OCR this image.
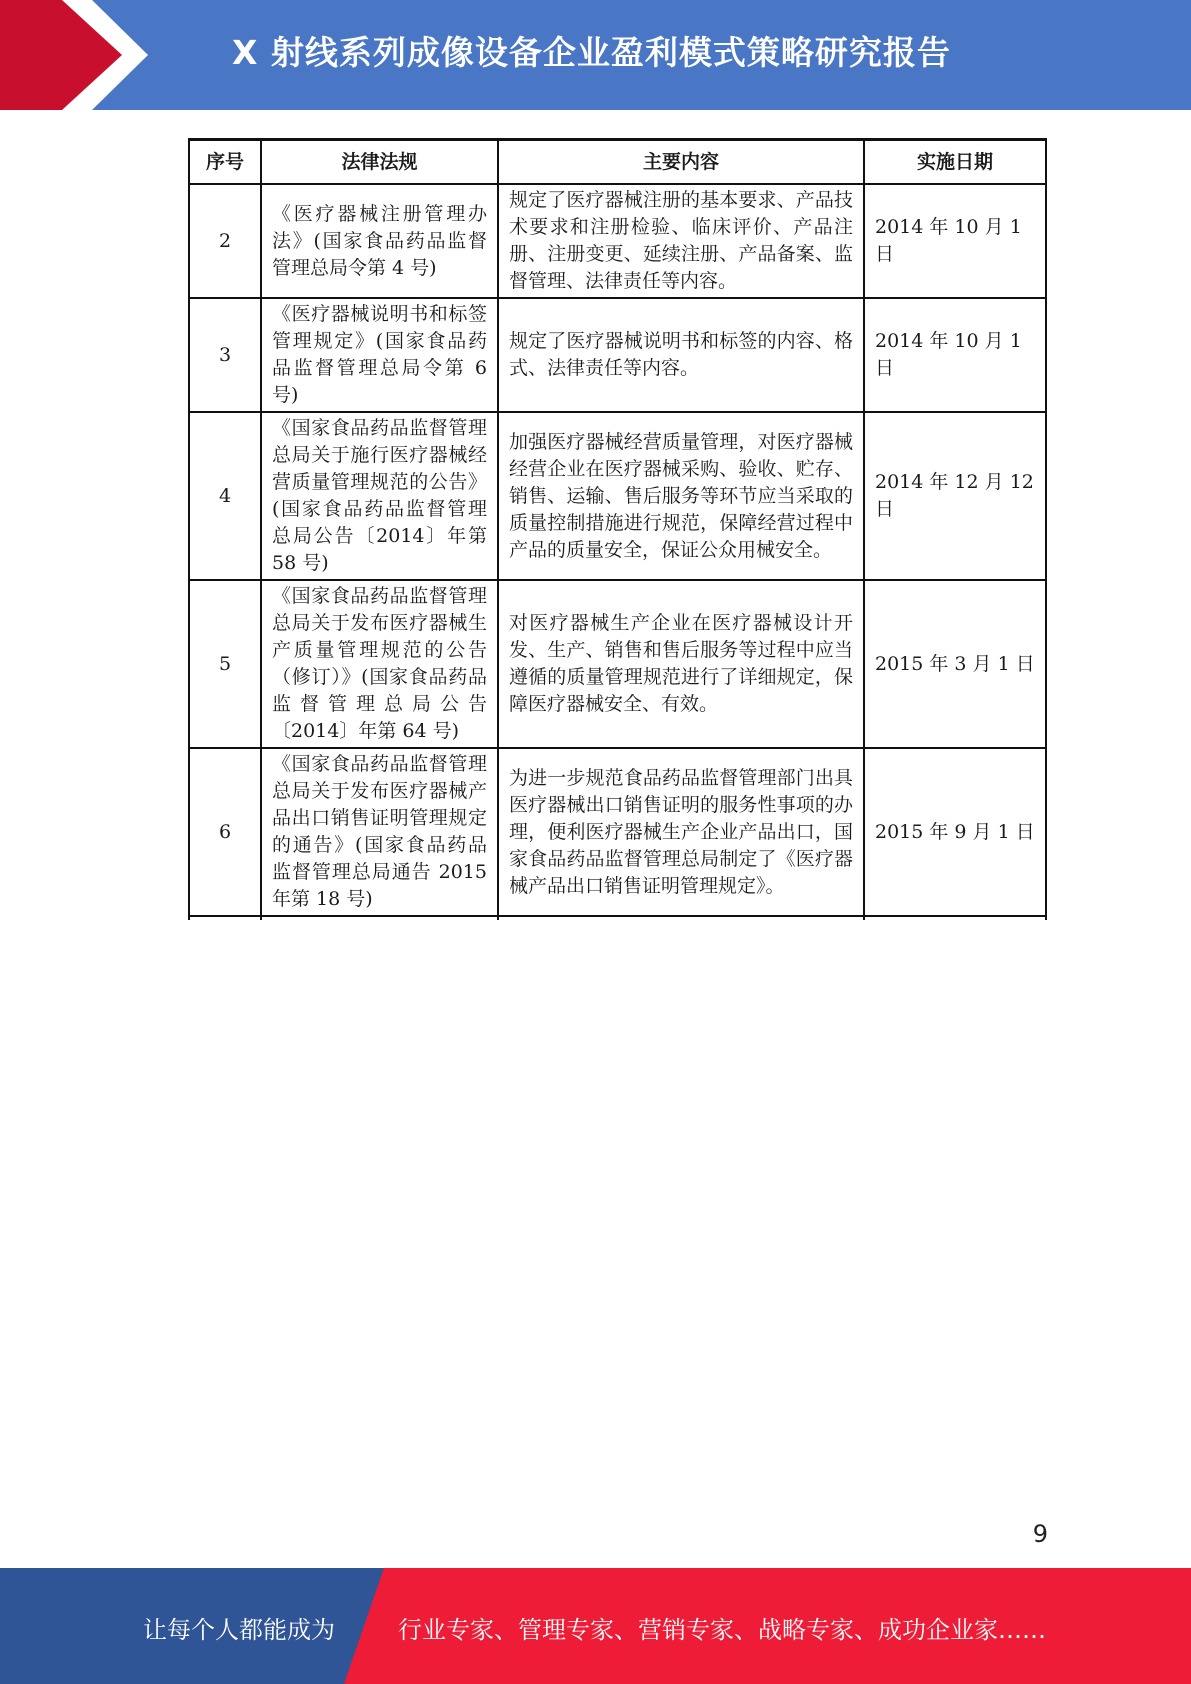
X 射线系列成像设备企业盈利模式策略研究报告
序号	法律法规	主要内容	实施日期
2	《医疗器械注册管理办法》(国家食品药品监督管理总局令第 4 号)	规定了医疗器械注册的基本要求、产品技术要求和注册检验、临床评价、产品注册、注册变更、延续注册、产品备案、监督管理、法律责任等内容。	2014 年 10 月 1 日
3	《医疗器械说明书和标签管理规定》(国家食品药品监督管理总局令第 6 号)	规定了医疗器械说明书和标签的内容、格式、法律责任等内容。	2014 年 10 月 1 日
4	《国家食品药品监督管理总局关于施行医疗器械经营质量管理规范的公告》(国家食品药品监督管理总局公告〔2014〕年第 58 号)	加强医疗器械经营质量管理，对医疗器械经营企业在医疗器械采购、验收、贮存、销售、运输、售后服务等环节应当采取的质量控制措施进行规范，保障经营过程中产品的质量安全，保证公众用械安全。	2014 年 12 月 12 日
5	《国家食品药品监督管理总局关于发布医疗器械生产质量管理规范的公告（修订）》(国家食品药品监督管理总局公告〔2014〕年第 64 号)	对医疗器械生产企业在医疗器械设计开发、生产、销售和售后服务等过程中应当遵循的质量管理规范进行了详细规定，保障医疗器械安全、有效。	2015 年 3 月 1 日
6	《国家食品药品监督管理总局关于发布医疗器械产品出口销售证明管理规定的通告》(国家食品药品监督管理总局通告 2015 年第 18 号)	为进一步规范食品药品监督管理部门出具医疗器械出口销售证明的服务性事项的办理，便利医疗器械生产企业产品出口，国家食品药品监督管理总局制定了《医疗器械产品出口销售证明管理规定》。	2015 年 9 月 1 日

9
让每个人都能成为	行业专家、管理专家、营销专家、战略专家、成功企业家……
